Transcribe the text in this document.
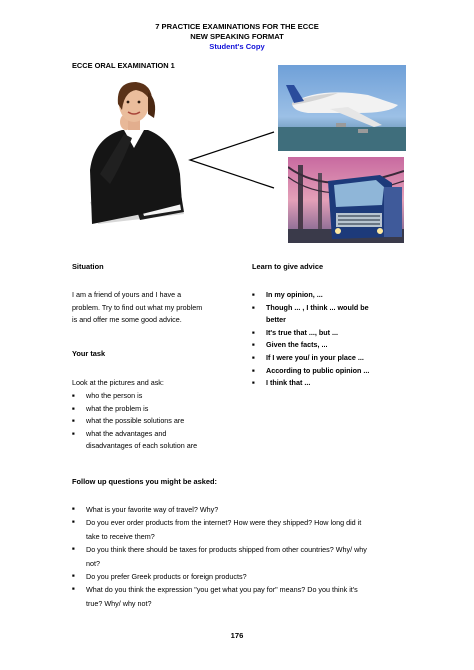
7 PRACTICE EXAMINATIONS FOR THE ECCE
NEW SPEAKING FORMAT
Student's Copy
ECCE ORAL EXAMINATION 1
Situation
I am a friend of yours and I have a
problem. Try to find out what my problem
is and offer me some good advice.
Your task
Look at the pictures and ask:
■ who the person is
■ what the problem is
■ what the possible solutions are
■ what the advantages and
disadvantages of each solution are
Learn to give advice
■ In my opinion, ...
■ Though ... , I think ... would be
better
■ It's true that ..., but ...
■ Given the facts, ...
■ If I were you/ in your place ...
■ According to public opinion ...
■ I think that ...
Follow up questions you might be asked:
■ What is your favorite way of travel? Why?
■ Do you ever order products from the internet? How were they shipped? How long did it
take to receive them?
■ Do you think there should be taxes for products shipped from other countries? Why/ why
not?
■ Do you prefer Greek products or foreign products?
■ What do you think the expression "you get what you pay for" means? Do you think it's
true? Why/ why not?
176
